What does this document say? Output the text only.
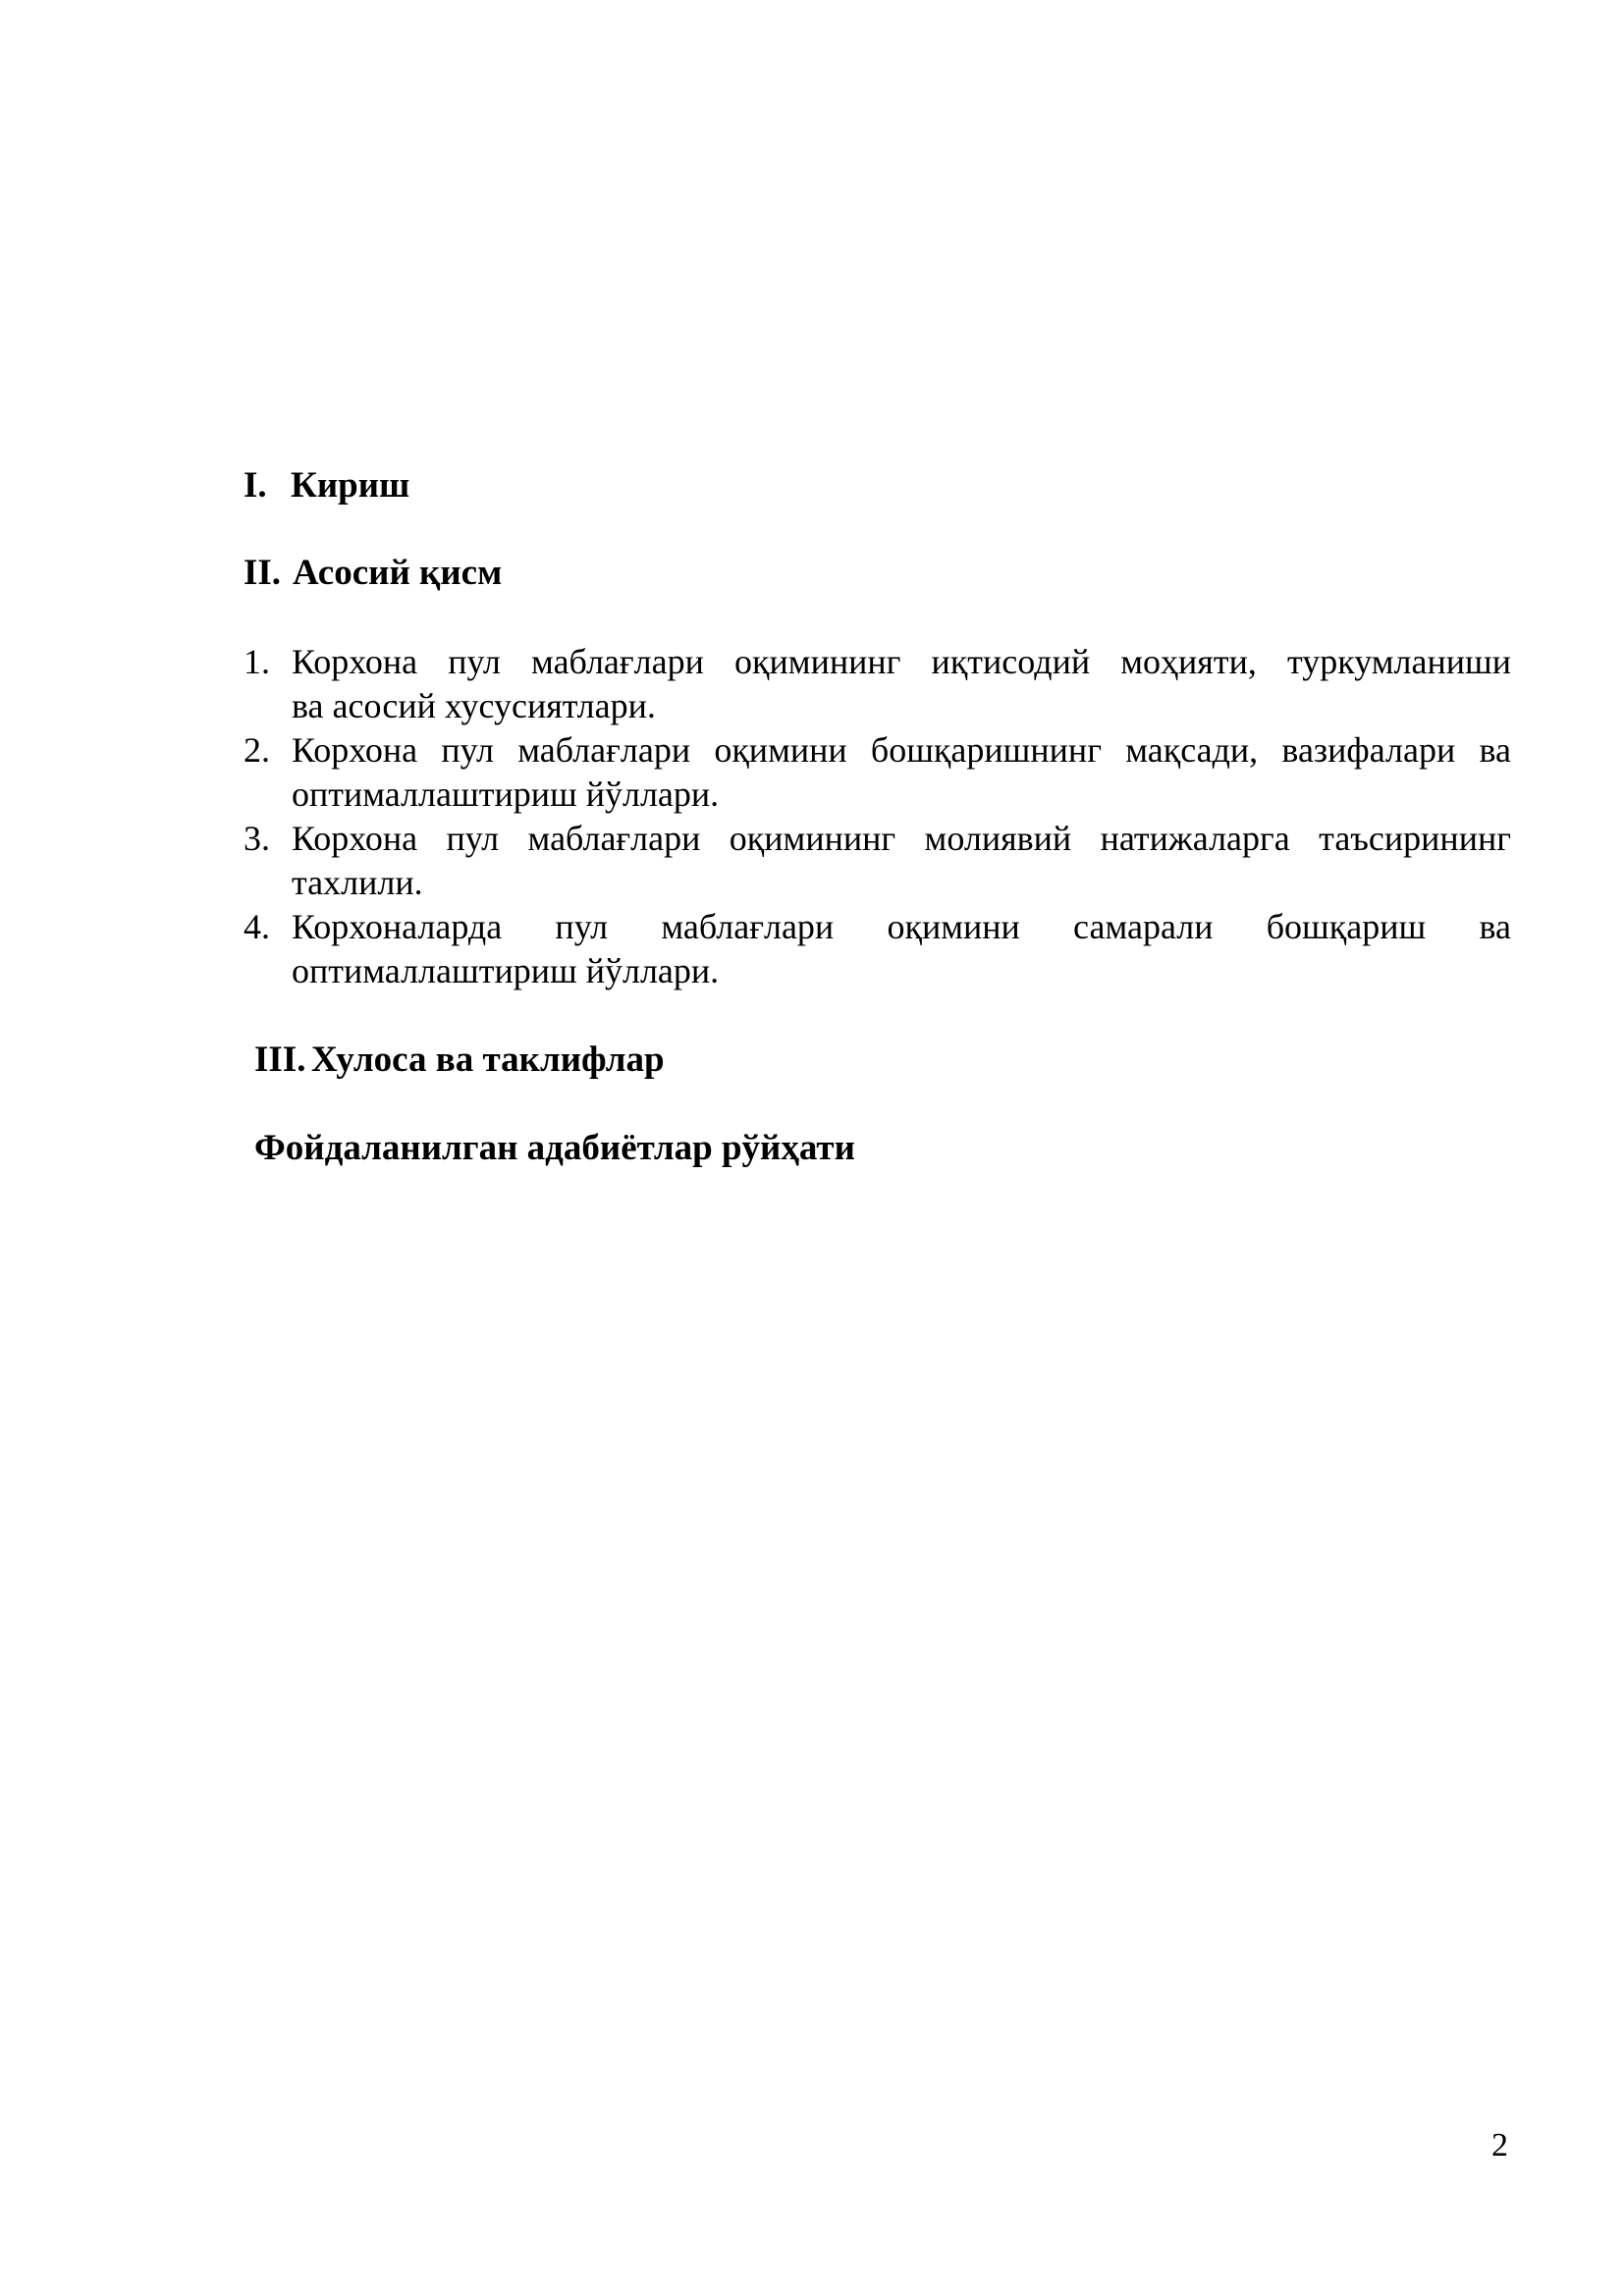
I. Кириш
II. Асосий қисм
1. Корхона пул маблағлари оқимининг иқтисодий моҳияти, туркумланиши
ва асосий хусусиятлари.
2. Корхона пул маблағлари оқимини бошқаришнинг мақсади, вазифалари ва
оптималлаштириш йўллари.
3. Корхона пул маблағлари оқимининг молиявий натижаларга таъсирининг
тахлили.
4. Корхоналарда пул маблағлари оқимини самарали бошқариш ва
оптималлаштириш йўллари.
III. Хулоса ва таклифлар
Фойдаланилган адабиётлар рўйҳати
2
